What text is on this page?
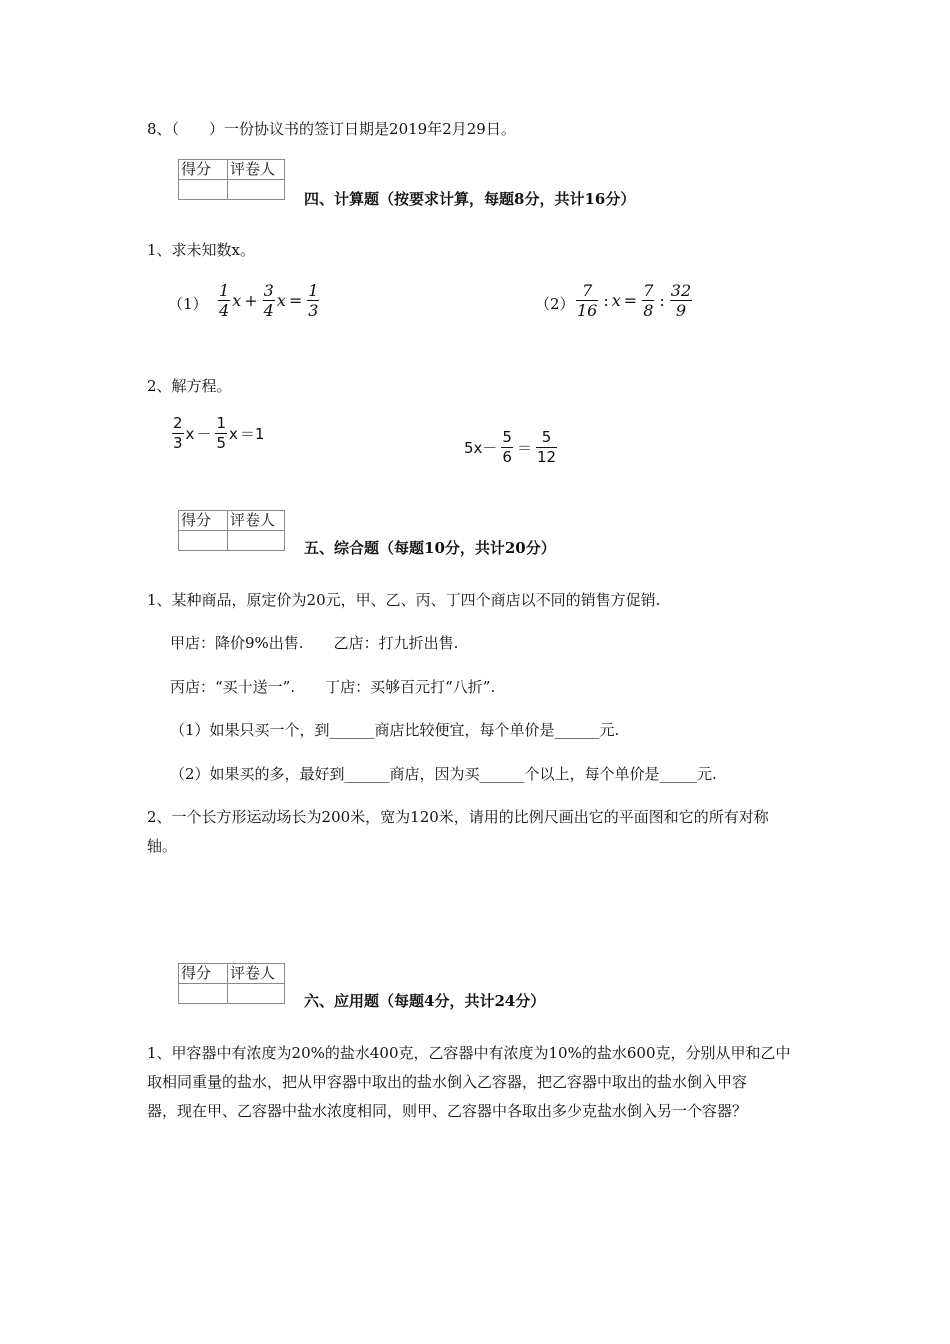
8、（　　）一份协议书的签订日期是2019年2月29日。
得分	评卷人

四、计算题（按要求计算，每题8分，共计16分）
1、求未知数x。
$(1) \frac{1}{4}$ $x + \frac{3}{4}$ $x = \frac{1}{3}$	$(2) \frac{7}{16}$ : $x = \frac{7}{8}$ : $\frac{32}{9}$
2、解方程。
$\frac{2}{3}$ $x - \frac{1}{5}$ x ＝1
$5x- \frac{5}{6} = \frac{5}{12}$
得分	评卷人

五、综合题（每题10分，共计20分）
1、某种商品，原定价为20元，甲、乙、丙、丁四个商店以不同的销售方促销.
甲店：降价9%出售.　　乙店：打九折出售.
丙店：“买十送一”.　　丁店：买够百元打“八折”.
（1）如果只买一个，到______商店比较便宜，每个单价是______元.
（2）如果买的多，最好到______商店，因为买______个以上，每个单价是_____元.
2、一个长方形运动场长为200米，宽为120米，请用的比例尺画出它的平面图和它的所有对称
轴。
得分	评卷人

六、应用题（每题4分，共计24分）
1、甲容器中有浓度为20%的盐水400克，乙容器中有浓度为10%的盐水600克，分别从甲和乙中
取相同重量的盐水，把从甲容器中取出的盐水倒入乙容器，把乙容器中取出的盐水倒入甲容
器，现在甲、乙容器中盐水浓度相同，则甲、乙容器中各取出多少克盐水倒入另一个容器？
